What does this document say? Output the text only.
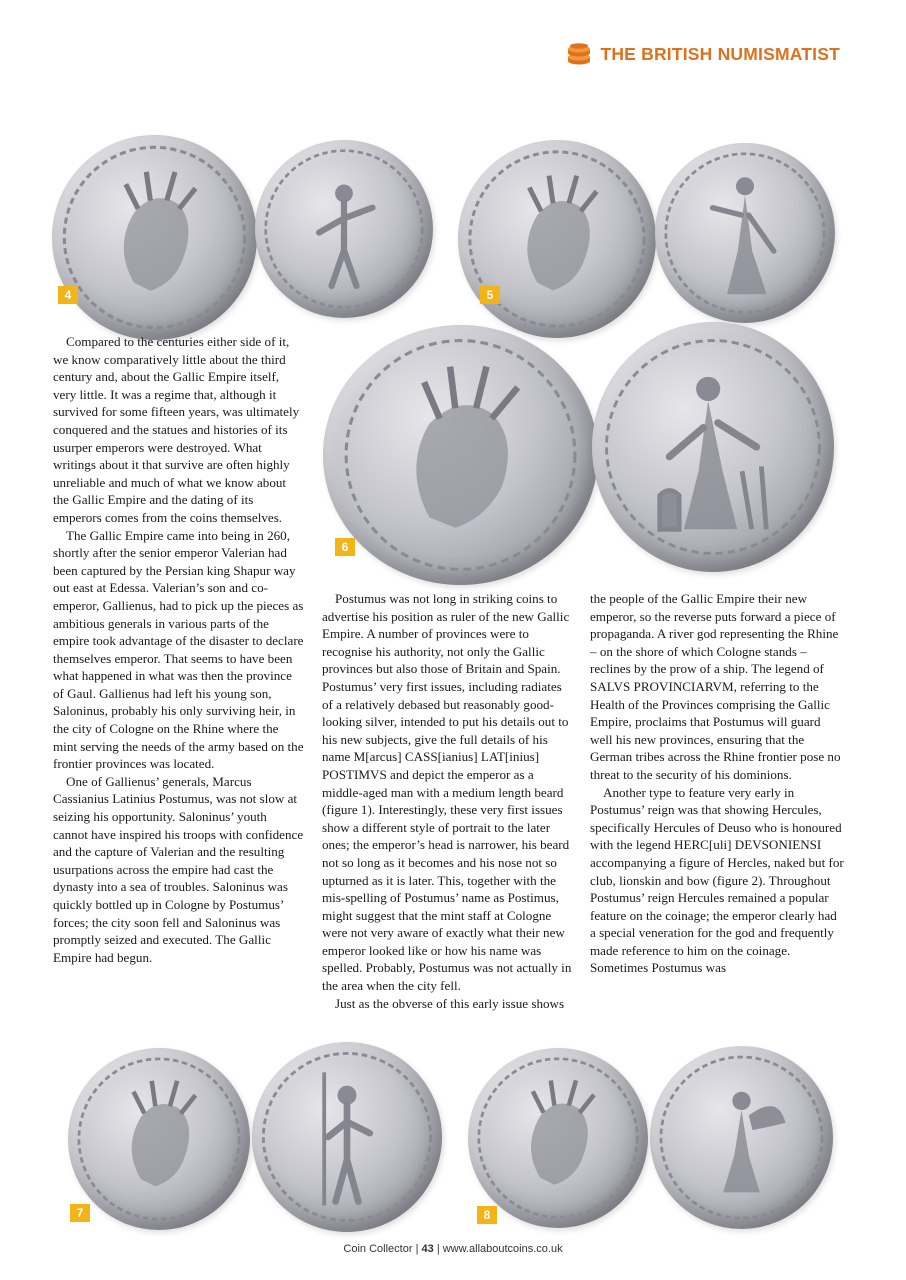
THE BRITISH NUMISMATIST
4	5
6

Compared to the centuries either side of it, we know comparatively little about the third century and, about the Gallic Empire itself, very little. It was a regime that, although it survived for some fifteen years, was ultimately conquered and the statues and histories of its usurper emperors were destroyed. What writings about it that survive are often highly unreliable and much of what we know about the Gallic Empire and the dating of its emperors comes from the coins themselves.

The Gallic Empire came into being in 260, shortly after the senior emperor Valerian had been captured by the Persian king Shapur way out east at Edessa. Valerian’s son and co-emperor, Gallienus, had to pick up the pieces as ambitious generals in various parts of the empire took advantage of the disaster to declare themselves emperor. That seems to have been what happened in what was then the province of Gaul. Gallienus had left his young son, Saloninus, probably his only surviving heir, in the city of Cologne on the Rhine where the mint serving the needs of the army based on the frontier provinces was located.

One of Gallienus’ generals, Marcus Cassianius Latinius Postumus, was not slow at seizing his opportunity. Saloninus’ youth cannot have inspired his troops with confidence and the capture of Valerian and the resulting usurpations across the empire had cast the dynasty into a sea of troubles. Saloninus was quickly bottled up in Cologne by Postumus’ forces; the city soon fell and Saloninus was promptly seized and executed. The Gallic Empire had begun.

Postumus was not long in striking coins to advertise his position as ruler of the new Gallic Empire. A number of provinces were to recognise his authority, not only the Gallic provinces but also those of Britain and Spain. Postumus’ very first issues, including radiates of a relatively debased but reasonably good-looking silver, intended to put his details out to his new subjects, give the full details of his name M[arcus] CASS[ianius] LAT[inius] POSTIMVS and depict the emperor as a middle-aged man with a medium length beard (figure 1). Interestingly, these very first issues show a different style of portrait to the later ones; the emperor’s head is narrower, his beard not so long as it becomes and his nose not so upturned as it is later. This, together with the mis-spelling of Postumus’ name as Postimus, might suggest that the mint staff at Cologne were not very aware of exactly what their new emperor looked like or how his name was spelled. Probably, Postumus was not actually in the area when the city fell.

Just as the obverse of this early issue shows

the people of the Gallic Empire their new emperor, so the reverse puts forward a piece of propaganda. A river god representing the Rhine – on the shore of which Cologne stands – reclines by the prow of a ship. The legend of SALVS PROVINCIARVM, referring to the Health of the Provinces comprising the Gallic Empire, proclaims that Postumus will guard well his new provinces, ensuring that the German tribes across the Rhine frontier pose no threat to the security of his dominions.

Another type to feature very early in Postumus’ reign was that showing Hercules, specifically Hercules of Deuso who is honoured with the legend HERC[uli] DEVSONIENSI accompanying a figure of Hercles, naked but for club, lionskin and bow (figure 2). Throughout Postumus’ reign Hercules remained a popular feature on the coinage; the emperor clearly had a special veneration for the god and frequently made reference to him on the coinage. Sometimes Postumus was

7	8
Coin Collector | 43 | www.allaboutcoins.co.uk
